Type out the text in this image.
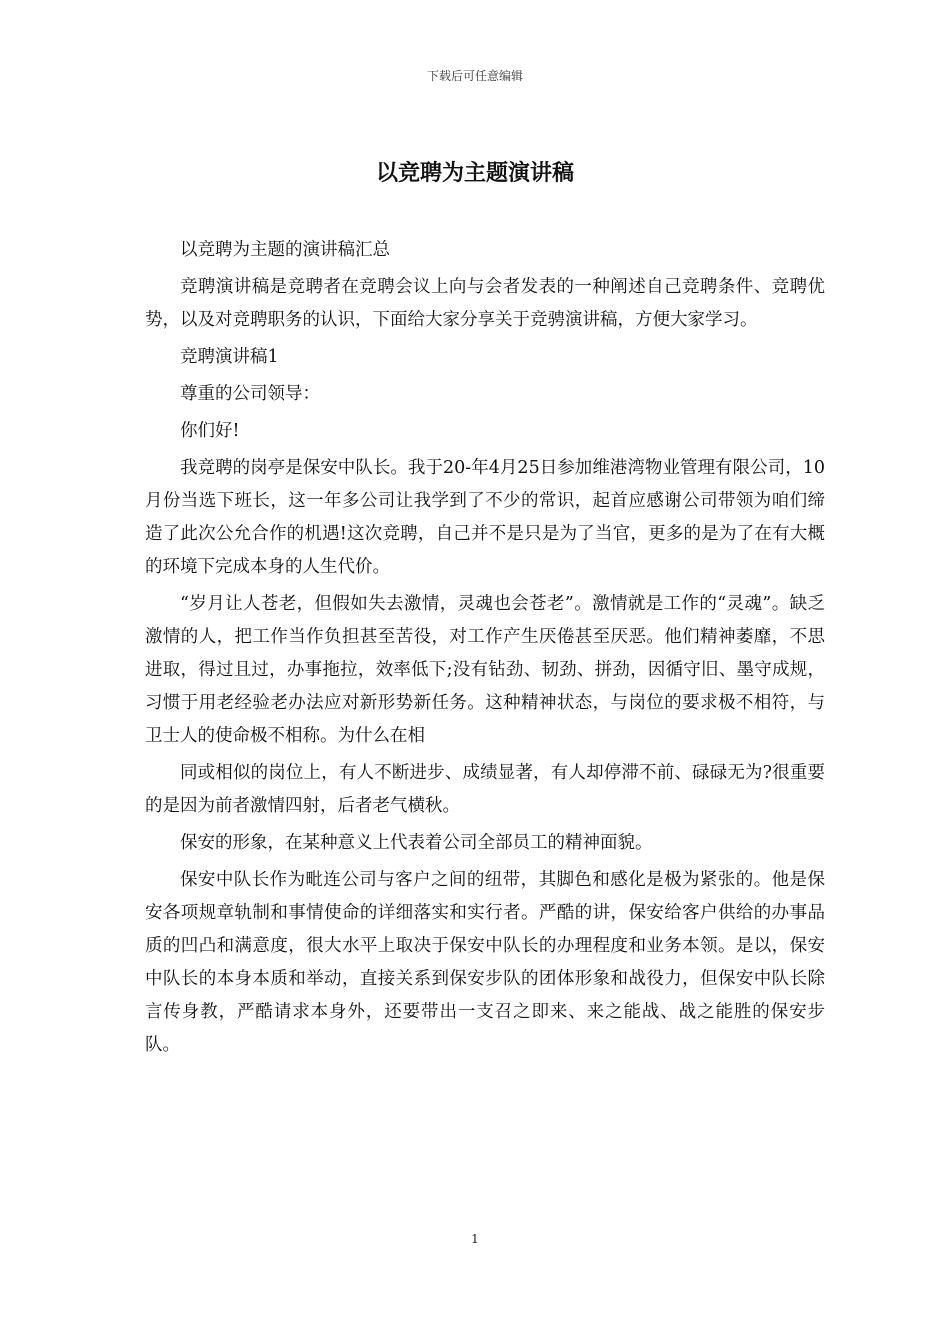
下载后可任意编辑
以竞聘为主题演讲稿

以竞聘为主题的演讲稿汇总

竞聘演讲稿是竞聘者在竞聘会议上向与会者发表的一种阐述自己竞聘条件、竞聘优势，以及对竞聘职务的认识，下面给大家分享关于竞骋演讲稿，方便大家学习。

竞聘演讲稿1

尊重的公司领导：

你们好!

我竞聘的岗亭是保安中队长。我于20-年4月25日参加维港湾物业管理有限公司，10月份当选下班长，这一年多公司让我学到了不少的常识，起首应感谢公司带领为咱们缔造了此次公允合作的机遇!这次竞聘，自己并不是只是为了当官，更多的是为了在有大概的环境下完成本身的人生代价。

“岁月让人苍老，但假如失去激情，灵魂也会苍老”。激情就是工作的“灵魂”。缺乏激情的人，把工作当作负担甚至苦役，对工作产生厌倦甚至厌恶。他们精神萎靡，不思进取，得过且过，办事拖拉，效率低下;没有钻劲、韧劲、拼劲，因循守旧、墨守成规，习惯于用老经验老办法应对新形势新任务。这种精神状态，与岗位的要求极不相符，与卫士人的使命极不相称。为什么在相

同或相似的岗位上，有人不断进步、成绩显著，有人却停滞不前、碌碌无为?很重要的是因为前者激情四射，后者老气横秋。

保安的形象，在某种意义上代表着公司全部员工的精神面貌。

保安中队长作为毗连公司与客户之间的纽带，其脚色和感化是极为紧张的。他是保安各项规章轨制和事情使命的详细落实和实行者。严酷的讲，保安给客户供给的办事品质的凹凸和满意度，很大水平上取决于保安中队长的办理程度和业务本领。是以，保安中队长的本身本质和举动，直接关系到保安步队的团体形象和战役力，但保安中队长除言传身教，严酷请求本身外，还要带出一支召之即来、来之能战、战之能胜的保安步队。

1
